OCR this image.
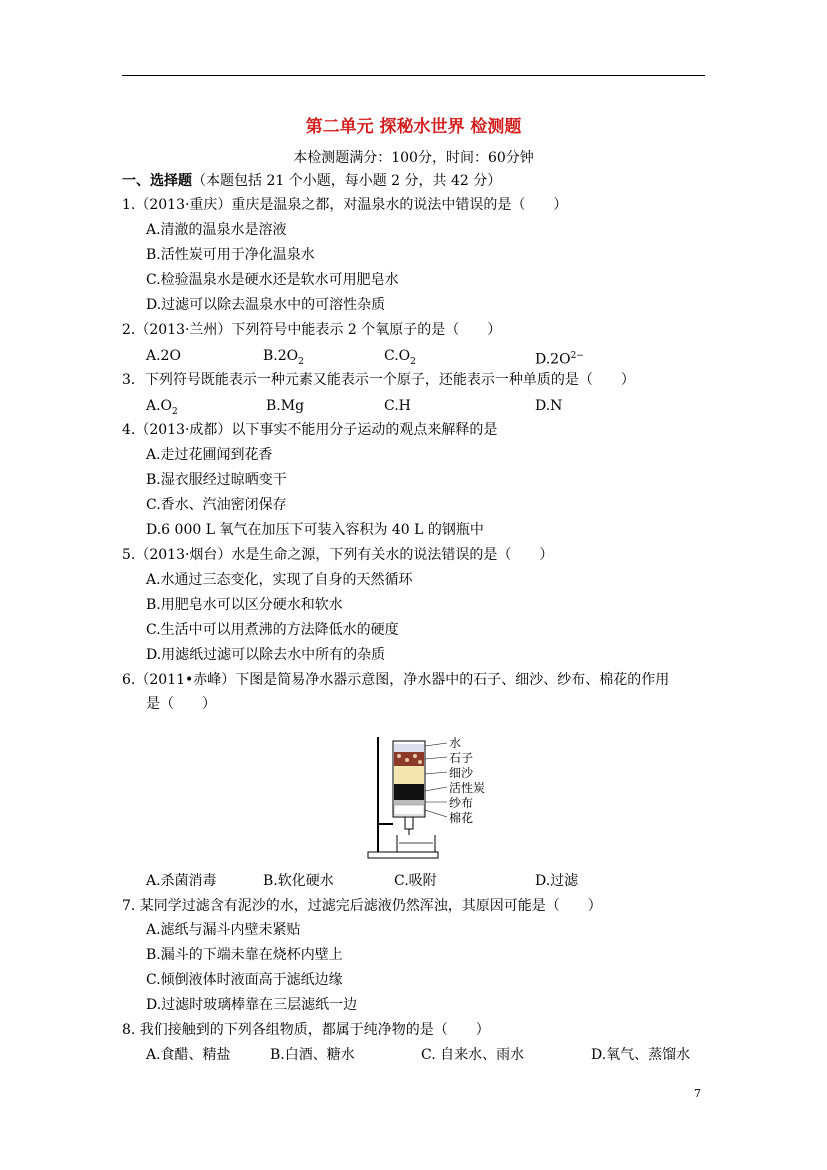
第二单元 探秘水世界 检测题
本检测题满分：100分，时间：60分钟
一、选择题（本题包括 21 个小题，每小题 2 分，共 42 分）
1.（2013·重庆）重庆是温泉之都，对温泉水的说法中错误的是（　　）
A.清澈的温泉水是溶液
B.活性炭可用于净化温泉水
C.检验温泉水是硬水还是软水可用肥皂水
D.过滤可以除去温泉水中的可溶性杂质
2.（2013·兰州）下列符号中能表示 2 个氧原子的是（　　）
A.2O	$B.2O_2$	$C.O_2$	$D.2O^{2-}$
3．下列符号既能表示一种元素又能表示一个原子，还能表示一种单质的是（　　）
$A.O_2$	B.Mg	C.H	D.N
4.（2013·成都）以下事实不能用分子运动的观点来解释的是
A.走过花圃闻到花香
B.湿衣服经过晾晒变干
C.香水、汽油密闭保存
D.6 000 L 氧气在加压下可装入容积为 40 L 的钢瓶中
5.（2013·烟台）水是生命之源，下列有关水的说法错误的是（　　）
A.水通过三态变化，实现了自身的天然循环
B.用肥皂水可以区分硬水和软水
C.生活中可以用煮沸的方法降低水的硬度
D.用滤纸过滤可以除去水中所有的杂质
6.（2011•赤峰）下图是简易净水器示意图，净水器中的石子、细沙、纱布、棉花的作用
是（　　）
水
石子
细沙
活性炭
纱布
棉花
A.杀菌消毒	B.软化硬水	C.吸附	D.过滤
7. 某同学过滤含有泥沙的水，过滤完后滤液仍然浑浊，其原因可能是（　　）
A.滤纸与漏斗内壁未紧贴
B.漏斗的下端未靠在烧杯内壁上
C.倾倒液体时液面高于滤纸边缘
D.过滤时玻璃棒靠在三层滤纸一边
8. 我们接触到的下列各组物质，都属于纯净物的是（　　）
A.食醋、精盐	B.白酒、糖水	C. 自来水、雨水	D.氧气、蒸馏水
7
